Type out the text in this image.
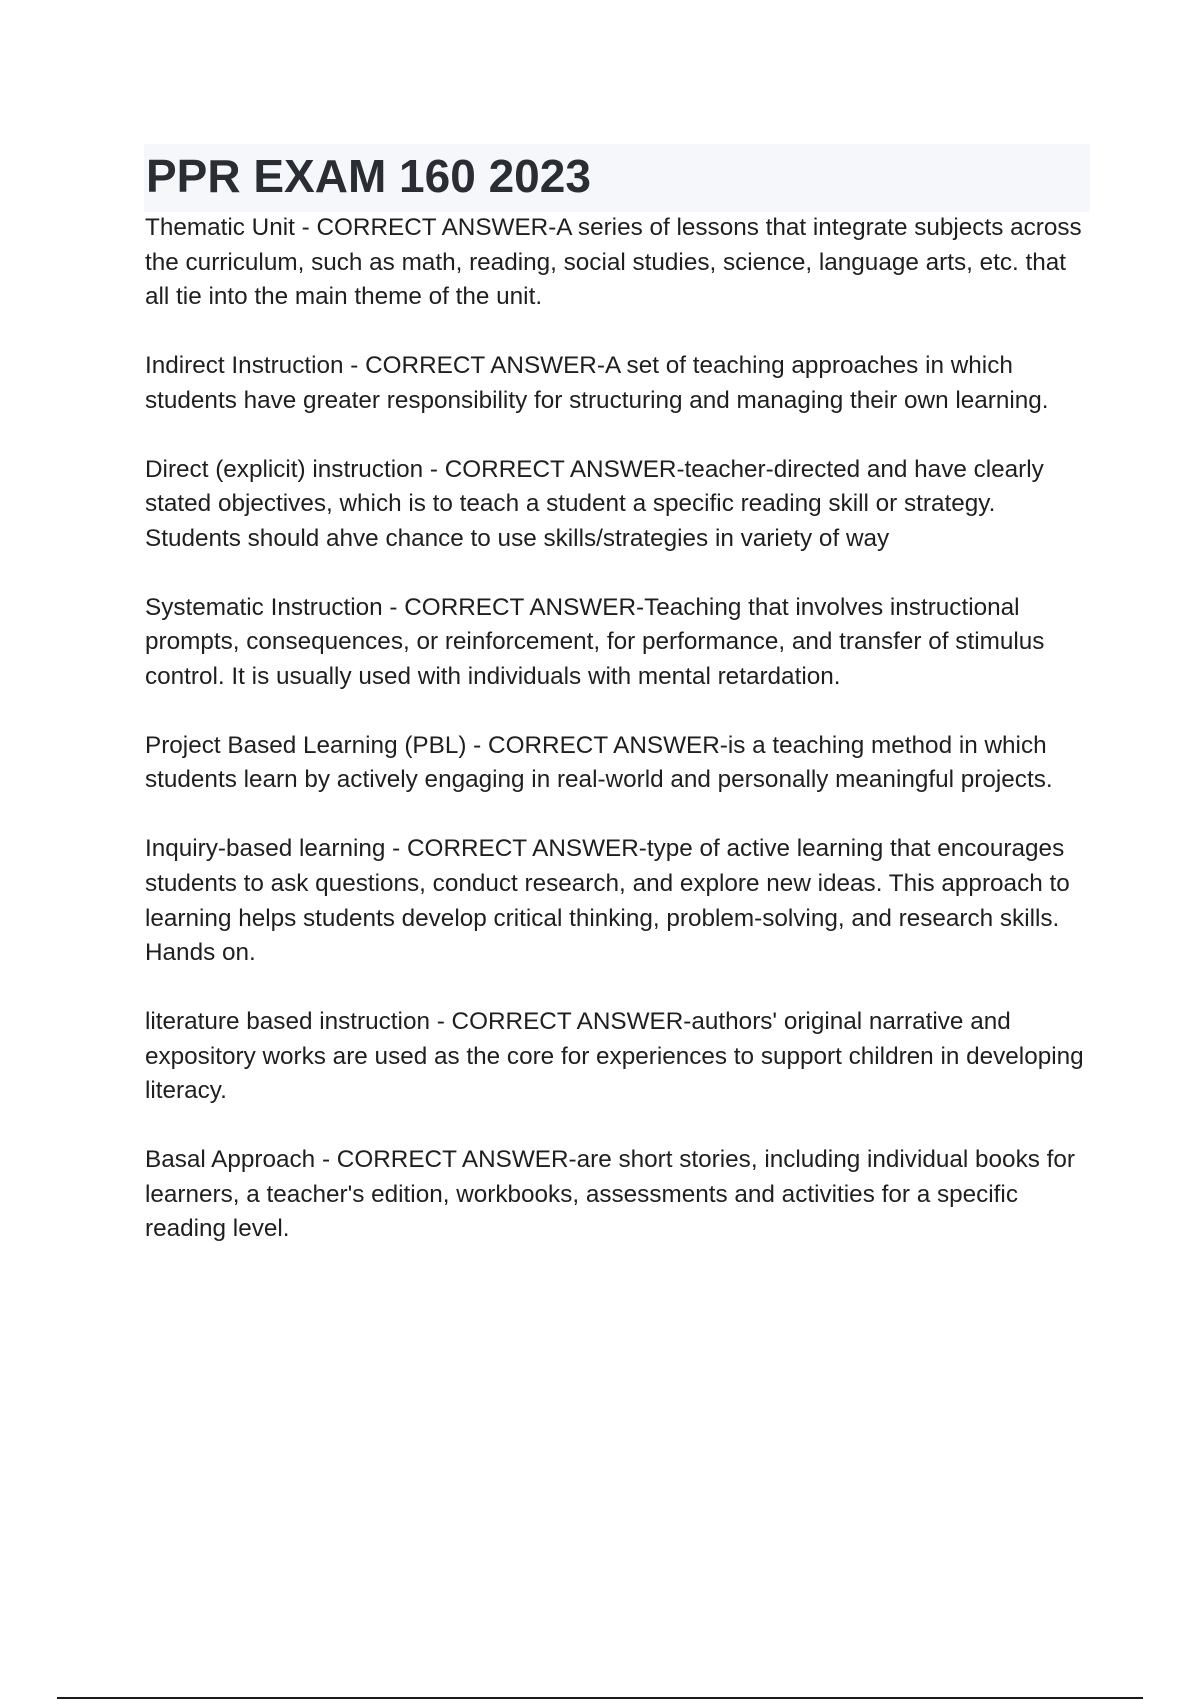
PPR EXAM 160 2023

Thematic Unit - CORRECT ANSWER-A series of lessons that integrate subjects across the curriculum, such as math, reading, social studies, science, language arts, etc. that all tie into the main theme of the unit.

Indirect Instruction - CORRECT ANSWER-A set of teaching approaches in which students have greater responsibility for structuring and managing their own learning.

Direct (explicit) instruction - CORRECT ANSWER-teacher-directed and have clearly stated objectives, which is to teach a student a specific reading skill or strategy. Students should ahve chance to use skills/strategies in variety of way

Systematic Instruction - CORRECT ANSWER-Teaching that involves instructional prompts, consequences, or reinforcement, for performance, and transfer of stimulus control. It is usually used with individuals with mental retardation.

Project Based Learning (PBL) - CORRECT ANSWER-is a teaching method in which students learn by actively engaging in real-world and personally meaningful projects.

Inquiry-based learning - CORRECT ANSWER-type of active learning that encourages students to ask questions, conduct research, and explore new ideas. This approach to learning helps students develop critical thinking, problem-solving, and research skills. Hands on.

literature based instruction - CORRECT ANSWER-authors' original narrative and expository works are used as the core for experiences to support children in developing literacy.

Basal Approach - CORRECT ANSWER-are short stories, including individual books for learners, a teacher's edition, workbooks, assessments and activities for a specific reading level.
